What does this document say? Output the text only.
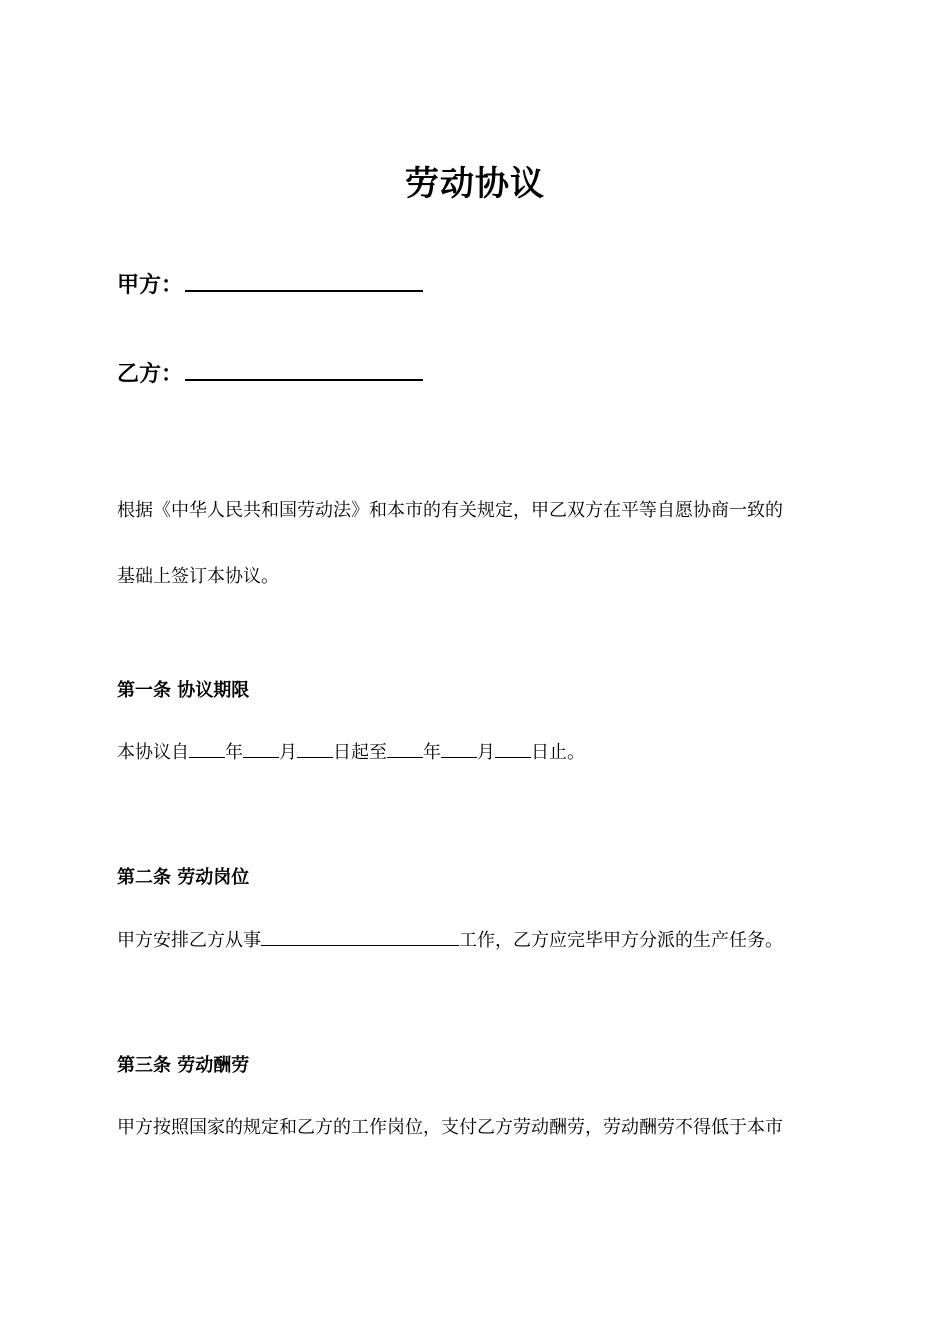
劳动协议
甲方：
乙方：
根据《中华人民共和国劳动法》和本市的有关规定，甲乙双方在平等自愿协商一致的
基础上签订本协议。
第一条 协议期限
本协议自 年 月 日起至 年 月 日止。
第二条 劳动岗位
甲方安排乙方从事	工作，乙方应完毕甲方分派的生产任务。
第三条 劳动酬劳
甲方按照国家的规定和乙方的工作岗位，支付乙方劳动酬劳，劳动酬劳不得低于本市
